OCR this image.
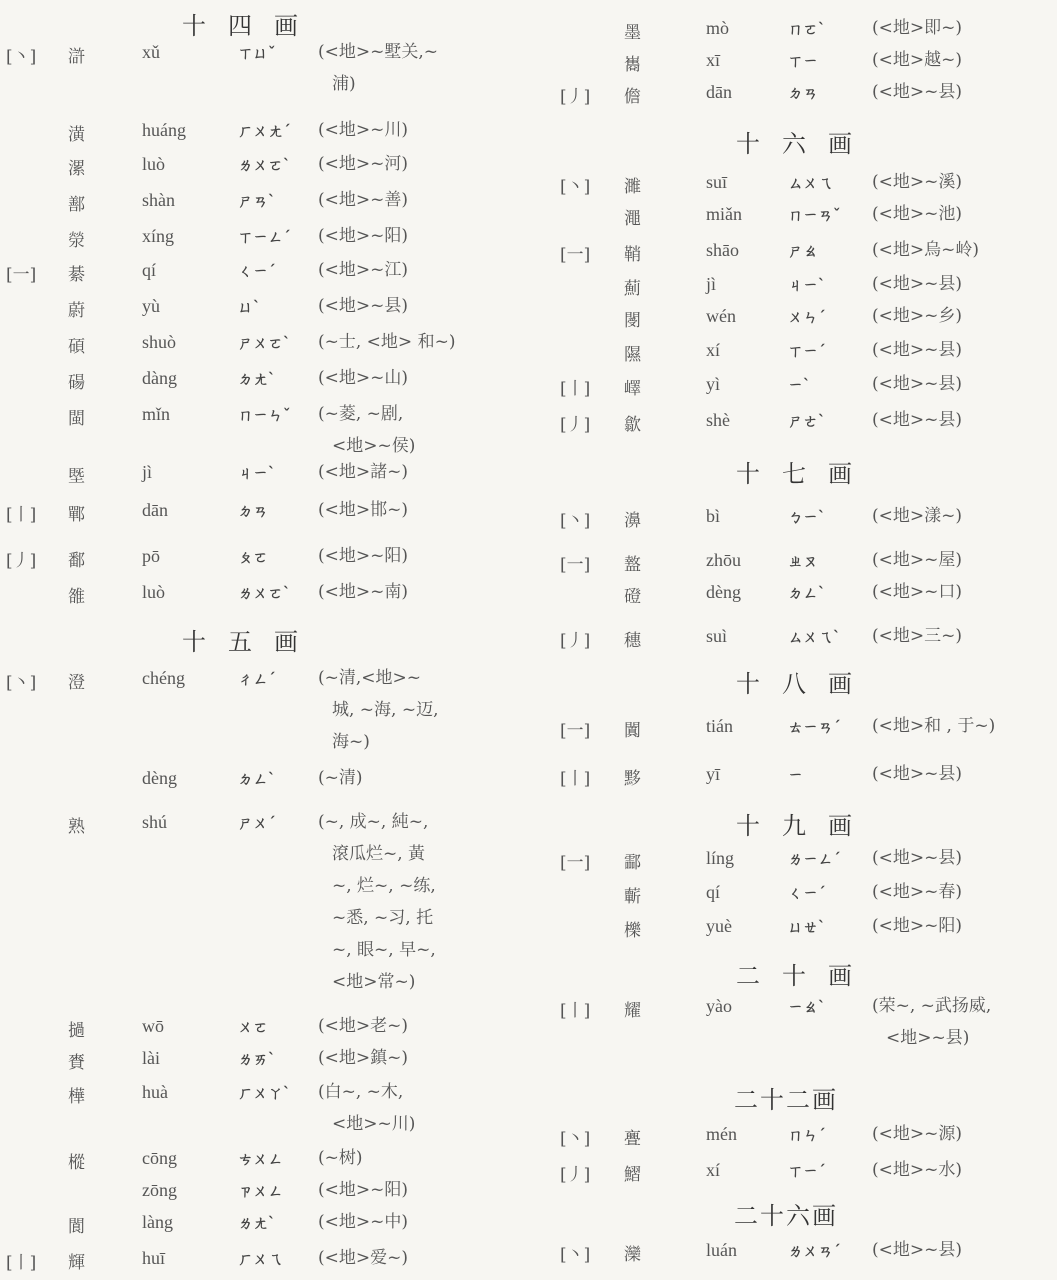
十四画
十五画
[丶] 滸	xǔ	ㄒㄩˇ (<地>~墅关,~
浦)
潢	huáng	ㄏㄨㄤˊ (<地>~川)
漯	luò	ㄌㄨㄛˋ (<地>~河)
鄯	shàn	ㄕㄢˋ (<地>~善)
滎	xíng	ㄒㄧㄥˊ (<地>~阳)
[一] 綦	qí	ㄑㄧˊ (<地>~江)
蔚	yù	ㄩˋ	(<地>~县)
碩	shuò	ㄕㄨㄛˋ (~士, <地> 和~)
碭	dàng	ㄉㄤˋ (<地>~山)
閩	mǐn	ㄇㄧㄣˇ (~菱, ~剧,
<地>~侯)
塈	jì	ㄐㄧˋ (<地>諸~)
[丨] 鄲	dān	ㄉㄢ	(<地>邯~)
[丿] 鄱	pō	ㄆㄛ	(<地>~阳)
雒	luò	ㄌㄨㄛˋ (<地>~南)
[丶] 澄	chéng	ㄔㄥˊ (~清,<地>~
城, ~海, ~迈,
海~)
dèng	ㄉㄥˋ (~清)
熟	shú	ㄕㄨˊ (~, 成~, 純~,
滾瓜烂~, 黃
~, 烂~, ~练,
~悉, ~习, 托
~, 眼~, 早~,
<地>常~)
撾	wō	ㄨㄛ	(<地>老~)
賚	lài	ㄌㄞˋ (<地>鎮~)
樺	huà	ㄏㄨㄚˋ (白~, ~木,
<地>~川)
樅	cōng	ㄘㄨㄥ (~树)
zōng	ㄗㄨㄥ (<地>~阳)
閬	làng	ㄌㄤˋ (<地>~中)
[丨] 輝	huī	ㄏㄨㄟ (<地>爱~)
十六画
十七画
十八画
十九画
二十画
二十二画
二十六画
墨	mò	ㄇㄛˋ	(<地>即~)
巂	xī	ㄒㄧ	(<地>越~)
[丿] 儋	dān	ㄉㄢ	(<地>~县)
[丶] 濉	suī	ㄙㄨㄟ (<地>~溪)
澠	miǎn	ㄇㄧㄢˇ (<地>~池)
[一] 鞘	shāo	ㄕㄠ	(<地>烏~岭)
薊	jì	ㄐㄧˋ	(<地>~县)
閿	wén	ㄨㄣˊ	(<地>~乡)
隰	xí	ㄒㄧˊ	(<地>~县)
[丨] 嶧	yì	ㄧˋ	(<地>~县)
[丿] 歙	shè	ㄕㄜˋ	(<地>~县)
[丶] 濞	bì	ㄅㄧˋ	(<地>漾~)
[一] 盩	zhōu	ㄓㄡ	(<地>~屋)
磴	dèng	ㄉㄥˋ	(<地>~口)
[丿] 穗	suì	ㄙㄨㄟˋ (<地>三~)
[一] 闐	tián	ㄊㄧㄢˊ (<地>和 , 于~)
[丨] 黟	yī	ㄧ	(<地>~县)
[一] 酃	líng	ㄌㄧㄥˊ (<地>~县)
蘄	qí	ㄑㄧˊ	(<地>~春)
櫟	yuè	ㄩㄝˋ	(<地>~阳)
[丨] 耀	yào	ㄧㄠˋ	(荣~, ~武扬威,
<地>~县)
[丶] 亹	mén	ㄇㄣˊ	(<地>~源)
[丿] 鰼	xí	ㄒㄧˊ	(<地>~水)
[丶] 灤	luán	ㄌㄨㄢˊ (<地>~县)
